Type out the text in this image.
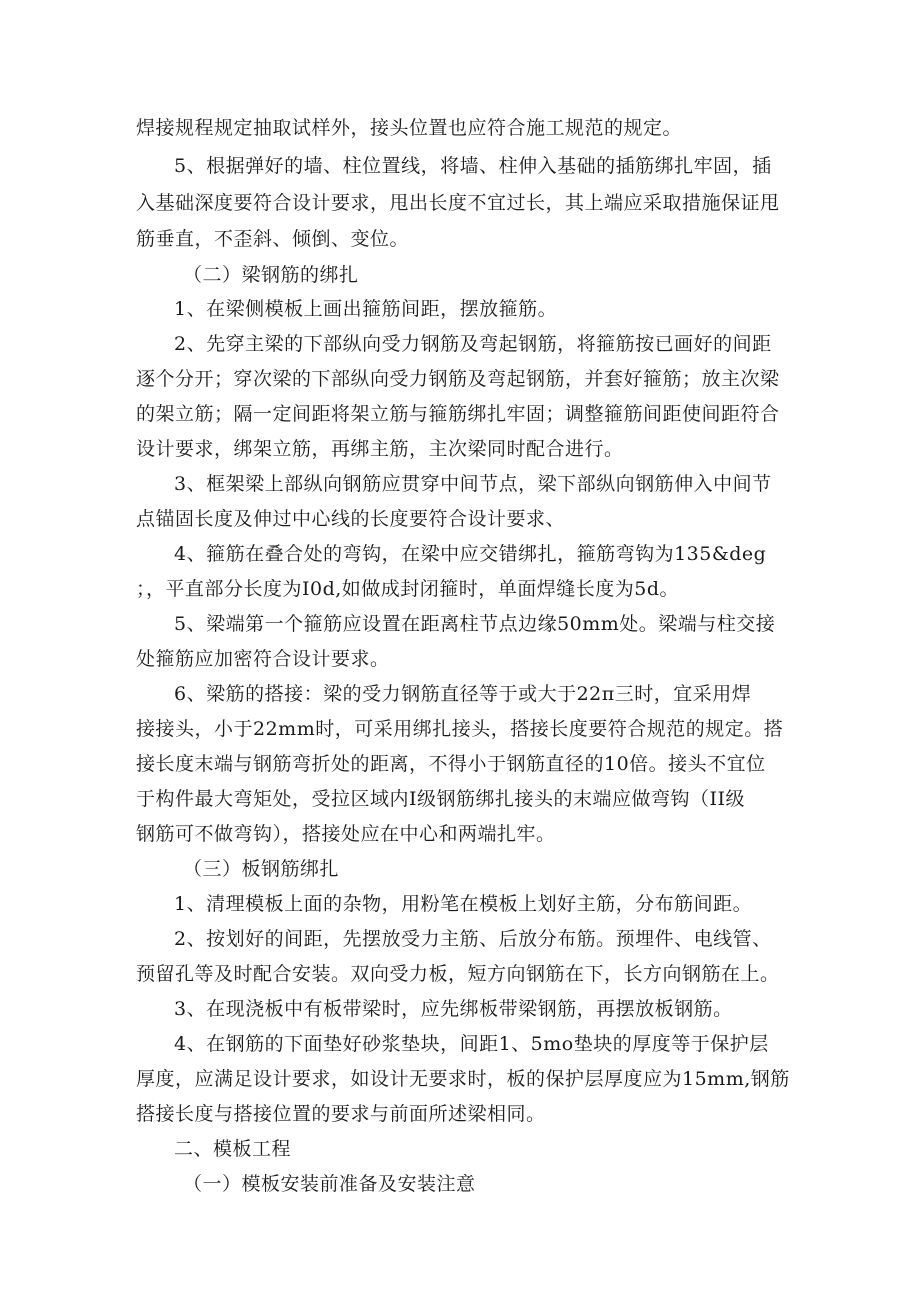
焊接规程规定抽取试样外，接头位置也应符合施工规范的规定。

5、根据弹好的墙、柱位置线，将墙、柱伸入基础的插筋绑扎牢固，插

入基础深度要符合设计要求，甩出长度不宜过长，其上端应采取措施保证甩

筋垂直，不歪斜、倾倒、变位。

（二）梁钢筋的绑扎

1、在梁侧模板上画出箍筋间距，摆放箍筋。

2、先穿主梁的下部纵向受力钢筋及弯起钢筋，将箍筋按已画好的间距

逐个分开；穿次梁的下部纵向受力钢筋及弯起钢筋，并套好箍筋；放主次梁

的架立筋；隔一定间距将架立筋与箍筋绑扎牢固；调整箍筋间距使间距符合

设计要求，绑架立筋，再绑主筋，主次梁同时配合进行。

3、框架梁上部纵向钢筋应贯穿中间节点，梁下部纵向钢筋伸入中间节

点锚固长度及伸过中心线的长度要符合设计要求、

4、箍筋在叠合处的弯钩，在梁中应交错绑扎，箍筋弯钩为135&deg

；，平直部分长度为I0d,如做成封闭箍时，单面焊缝长度为5d。

5、梁端第一个箍筋应设置在距离柱节点边缘50mm处。梁端与柱交接

处箍筋应加密符合设计要求。

6、梁筋的搭接：梁的受力钢筋直径等于或大于22π三时，宜采用焊

接接头，小于22mm时，可采用绑扎接头，搭接长度要符合规范的规定。搭

接长度末端与钢筋弯折处的距离，不得小于钢筋直径的10倍。接头不宜位

于构件最大弯矩处，受拉区域内I级钢筋绑扎接头的末端应做弯钩（II级

钢筋可不做弯钩），搭接处应在中心和两端扎牢。

（三）板钢筋绑扎

1、清理模板上面的杂物，用粉笔在模板上划好主筋，分布筋间距。

2、按划好的间距，先摆放受力主筋、后放分布筋。预埋件、电线管、

预留孔等及时配合安装。双向受力板，短方向钢筋在下，长方向钢筋在上。

3、在现浇板中有板带梁时，应先绑板带梁钢筋，再摆放板钢筋。

4、在钢筋的下面垫好砂浆垫块，间距1、5mo垫块的厚度等于保护层

厚度，应满足设计要求，如设计无要求时，板的保护层厚度应为15mm,钢筋

搭接长度与搭接位置的要求与前面所述梁相同。

二、模板工程

（一）模板安装前准备及安装注意
